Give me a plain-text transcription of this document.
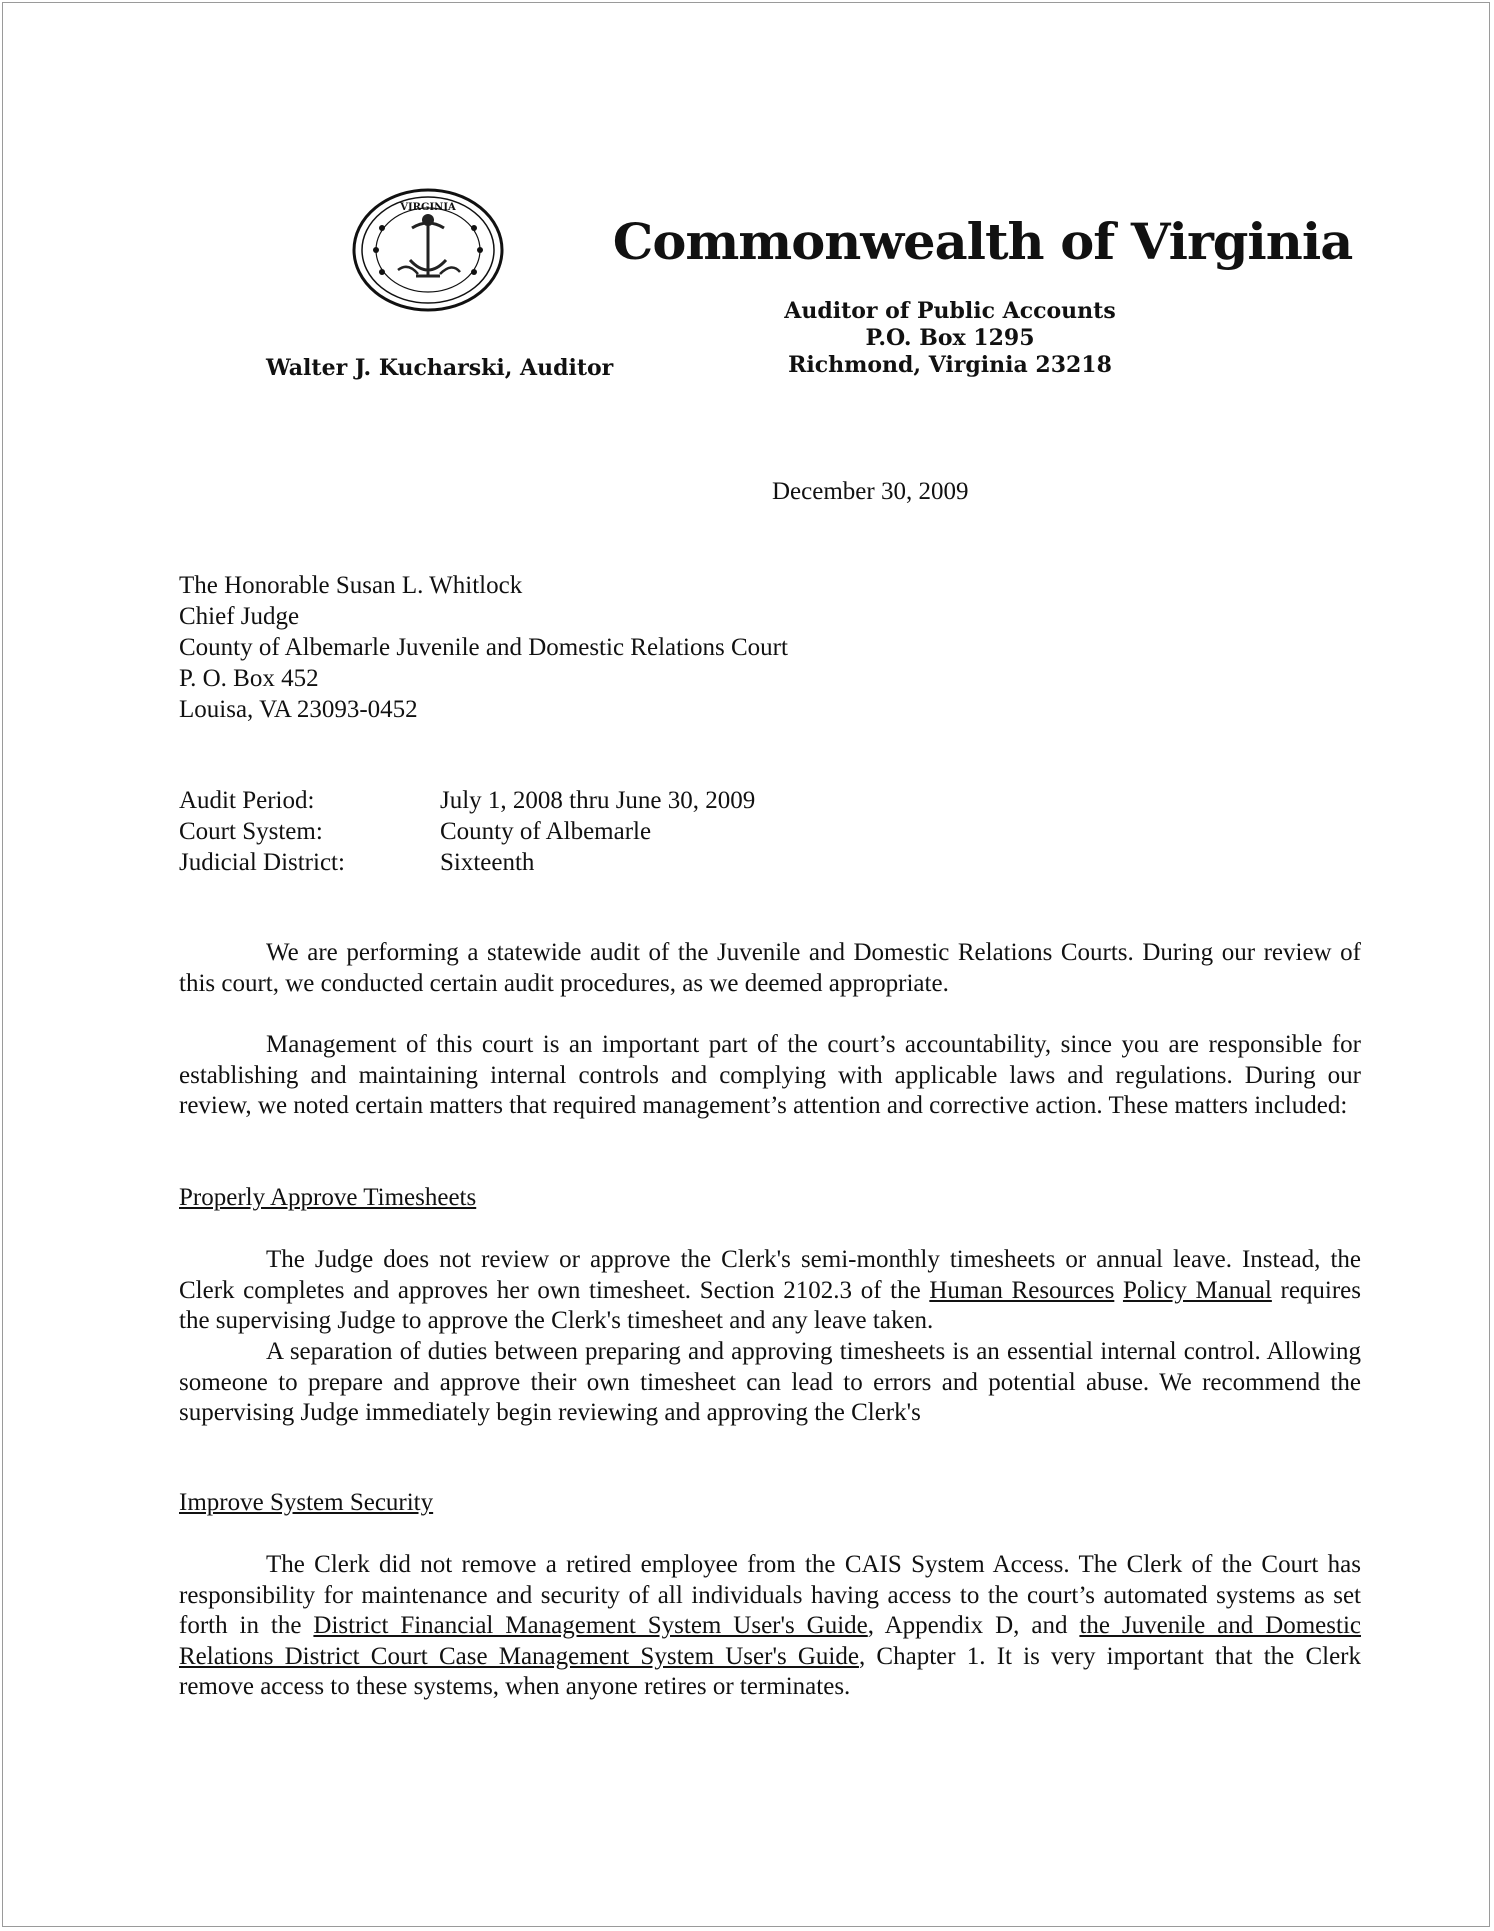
VIRGINIA
Commonwealth of Virginia
Auditor of Public Accounts
P.O. Box 1295
Richmond, Virginia 23218
Walter J. Kucharski, Auditor
December 30, 2009
The Honorable Susan L. Whitlock
Chief Judge
County of Albemarle Juvenile and Domestic Relations Court
P. O. Box 452
Louisa, VA 23093-0452
Audit Period:	July 1, 2008 thru June 30, 2009
Court System:	County of Albemarle
Judicial District:	Sixteenth

We are performing a statewide audit of the Juvenile and Domestic Relations Courts. During our review of this court, we conducted certain audit procedures, as we deemed appropriate.

Management of this court is an important part of the court’s accountability, since you are responsible for establishing and maintaining internal controls and complying with applicable laws and regulations. During our review, we noted certain matters that required management’s attention and corrective action. These matters included:

Properly Approve Timesheets

The Judge does not review or approve the Clerk's semi-monthly timesheets or annual leave. Instead, the Clerk completes and approves her own timesheet. Section 2102.3 of the Human Resources Policy Manual requires the supervising Judge to approve the Clerk's timesheet and any leave taken.

A separation of duties between preparing and approving timesheets is an essential internal control. Allowing someone to prepare and approve their own timesheet can lead to errors and potential abuse. We recommend the supervising Judge immediately begin reviewing and approving the Clerk's

Improve System Security

The Clerk did not remove a retired employee from the CAIS System Access. The Clerk of the Court has responsibility for maintenance and security of all individuals having access to the court’s automated systems as set forth in the District Financial Management System User's Guide, Appendix D, and the Juvenile and Domestic Relations District Court Case Management System User's Guide, Chapter 1. It is very important that the Clerk remove access to these systems, when anyone retires or terminates.
